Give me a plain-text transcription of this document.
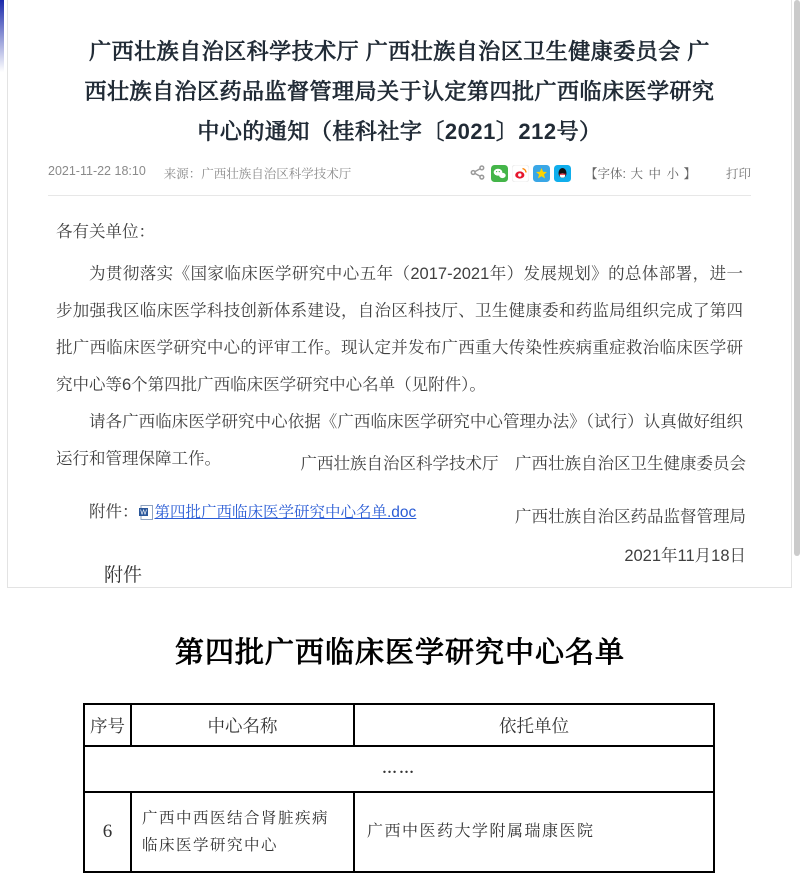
广西壮族自治区科学技术厅 广西壮族自治区卫生健康委员会 广西壮族自治区药品监督管理局关于认定第四批广西临床医学研究中心的通知（桂科社字〔2021〕212号）
2021-11-22 18:10 来源：广西壮族自治区科学技术厅	【字体: 大 中 小 】 打印

各有关单位：

为贯彻落实《国家临床医学研究中心五年（2017-2021年）发展规划》的总体部署，进一步加强我区临床医学科技创新体系建设，自治区科技厅、卫生健康委和药监局组织完成了第四批广西临床医学研究中心的评审工作。现认定并发布广西重大传染性疾病重症救治临床医学研究中心等6个第四批广西临床医学研究中心名单（见附件）。

请各广西临床医学研究中心依据《广西临床医学研究中心管理办法》（试行）认真做好组织运行和管理保障工作。

附件： W 第四批广西临床医学研究中心名单.doc
广西壮族自治区科学技术厅　广西壮族自治区卫生健康委员会
广西壮族自治区药品监督管理局
2021年11月18日
附件
第四批广西临床医学研究中心名单
序号	中心名称	依托单位
……		
6	广西中西医结合肾脏疾病临床医学研究中心	广西中医药大学附属瑞康医院
